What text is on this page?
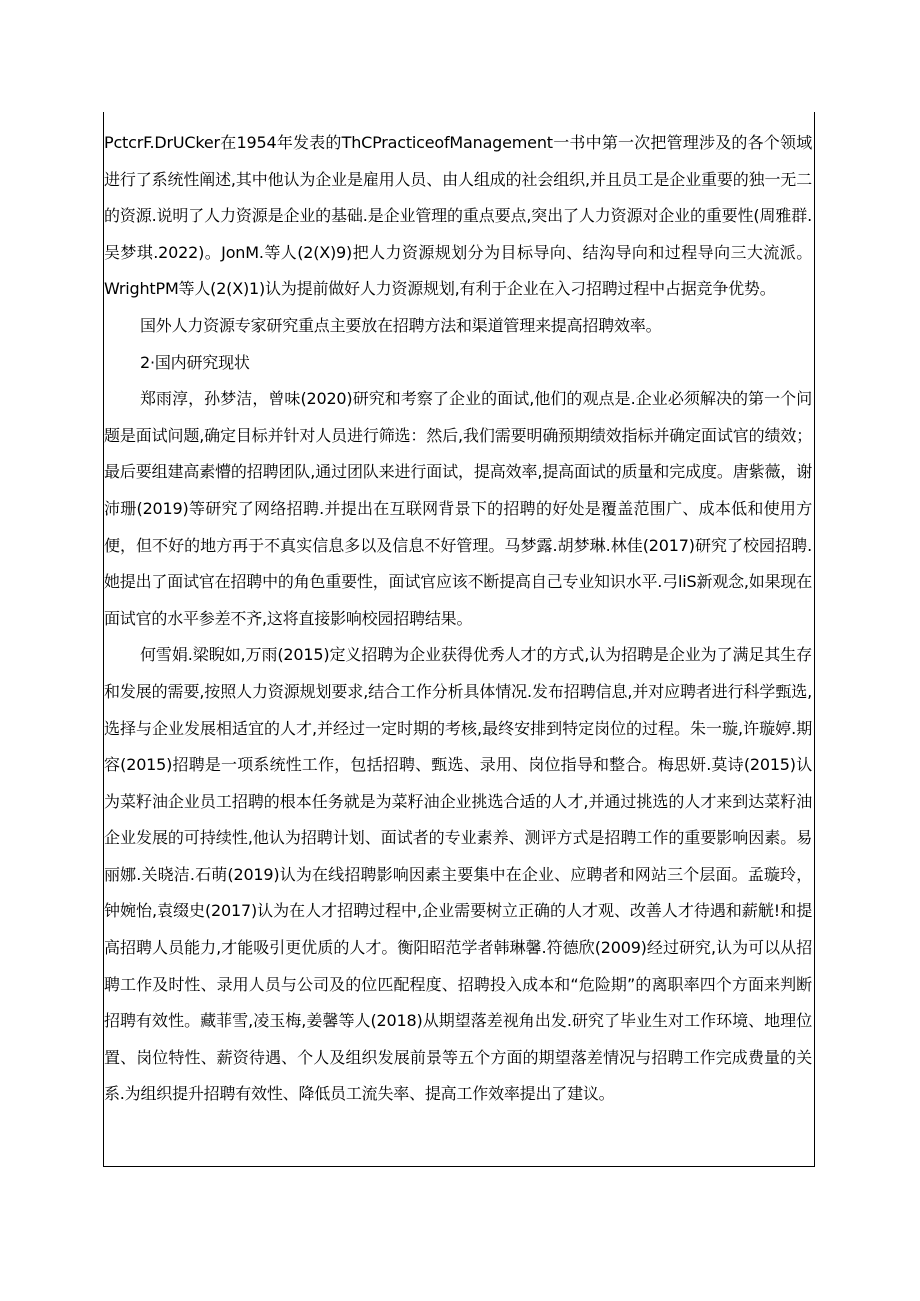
PctcrF.DrUCker在1954年发表的ThCPracticeofManagement一书中第一次把管理涉及的各个领域进行了系统性阐述,其中他认为企业是雇用人员、由人组成的社会组织,并且员工是企业重要的独一无二的资源.说明了人力资源是企业的基础.是企业管理的重点要点,突出了人力资源对企业的重要性(周雅群.吴梦琪.2022)。JonM.等人(2(X)9)把人力资源规划分为目标导向、结沟导向和过程导向三大流派。WrightPM等人(2(X)1)认为提前做好人力资源规划,有利于企业在入刁招聘过程中占据竞争优势。

国外人力资源专家研究重点主要放在招聘方法和渠道管理来提高招聘效率。

2·国内研究现状

郑雨淳，孙梦洁，曾味(2020)研究和考察了企业的面试,他们的观点是.企业必须解决的第一个问题是面试问题,确定目标并针对人员进行筛选：然后,我们需要明确预期绩效指标并确定面试官的绩效；最后要组建高素懵的招聘团队,通过团队来进行面试，提高效率,提高面试的质量和完成度。唐紫薇，谢沛珊(2019)等研究了网络招聘.并提出在互联网背景下的招聘的好处是覆盖范围广、成本低和使用方便，但不好的地方再于不真实信息多以及信息不好管理。马梦露.胡梦琳.林佳(2017)研究了校园招聘.她提出了面试官在招聘中的角色重要性，面试官应该不断提高自己专业知识水平.弓liS新观念,如果现在面试官的水平参差不齐,这将直接影响校园招聘结果。

何雪娟.梁睨如,万雨(2015)定义招聘为企业获得优秀人才的方式,认为招聘是企业为了满足其生存和发展的需要,按照人力资源规划要求,结合工作分析具体情况.发布招聘信息,并对应聘者进行科学甄选,选择与企业发展相适宜的人才,并经过一定时期的考核,最终安排到特定岗位的过程。朱一璇,许璇婷.期容(2015)招聘是一项系统性工作，包括招聘、甄选、录用、岗位指导和整合。梅思妍.莫诗(2015)认为菜籽油企业员工招聘的根本任务就是为菜籽油企业挑选合适的人才,并通过挑选的人才来到达菜籽油企业发展的可持续性,他认为招聘计划、面试者的专业素养、测评方式是招聘工作的重要影响因素。易丽娜.关晓洁.石萌(2019)认为在线招聘影响因素主要集中在企业、应聘者和网站三个层面。孟璇玲，钟婉怡,袁缀史(2017)认为在人才招聘过程中,企业需要树立正确的人才观、改善人才待遇和薪觥!和提高招聘人员能力,才能吸引更优质的人才。衡阳昭范学者韩琳馨.符德欣(2009)经过研究,认为可以从招聘工作及时性、录用人员与公司及的位匹配程度、招聘投入成本和“危险期”的离职率四个方面来判断招聘有效性。藏菲雪,凌玉梅,姜馨等人(2018)从期望落差视角出发.研究了毕业生对工作环境、地理位置、岗位特性、薪资待遇、个人及组织发展前景等五个方面的期望落差情况与招聘工作完成费量的关系.为组织提升招聘有效性、降低员工流失率、提高工作效率提出了建议。
